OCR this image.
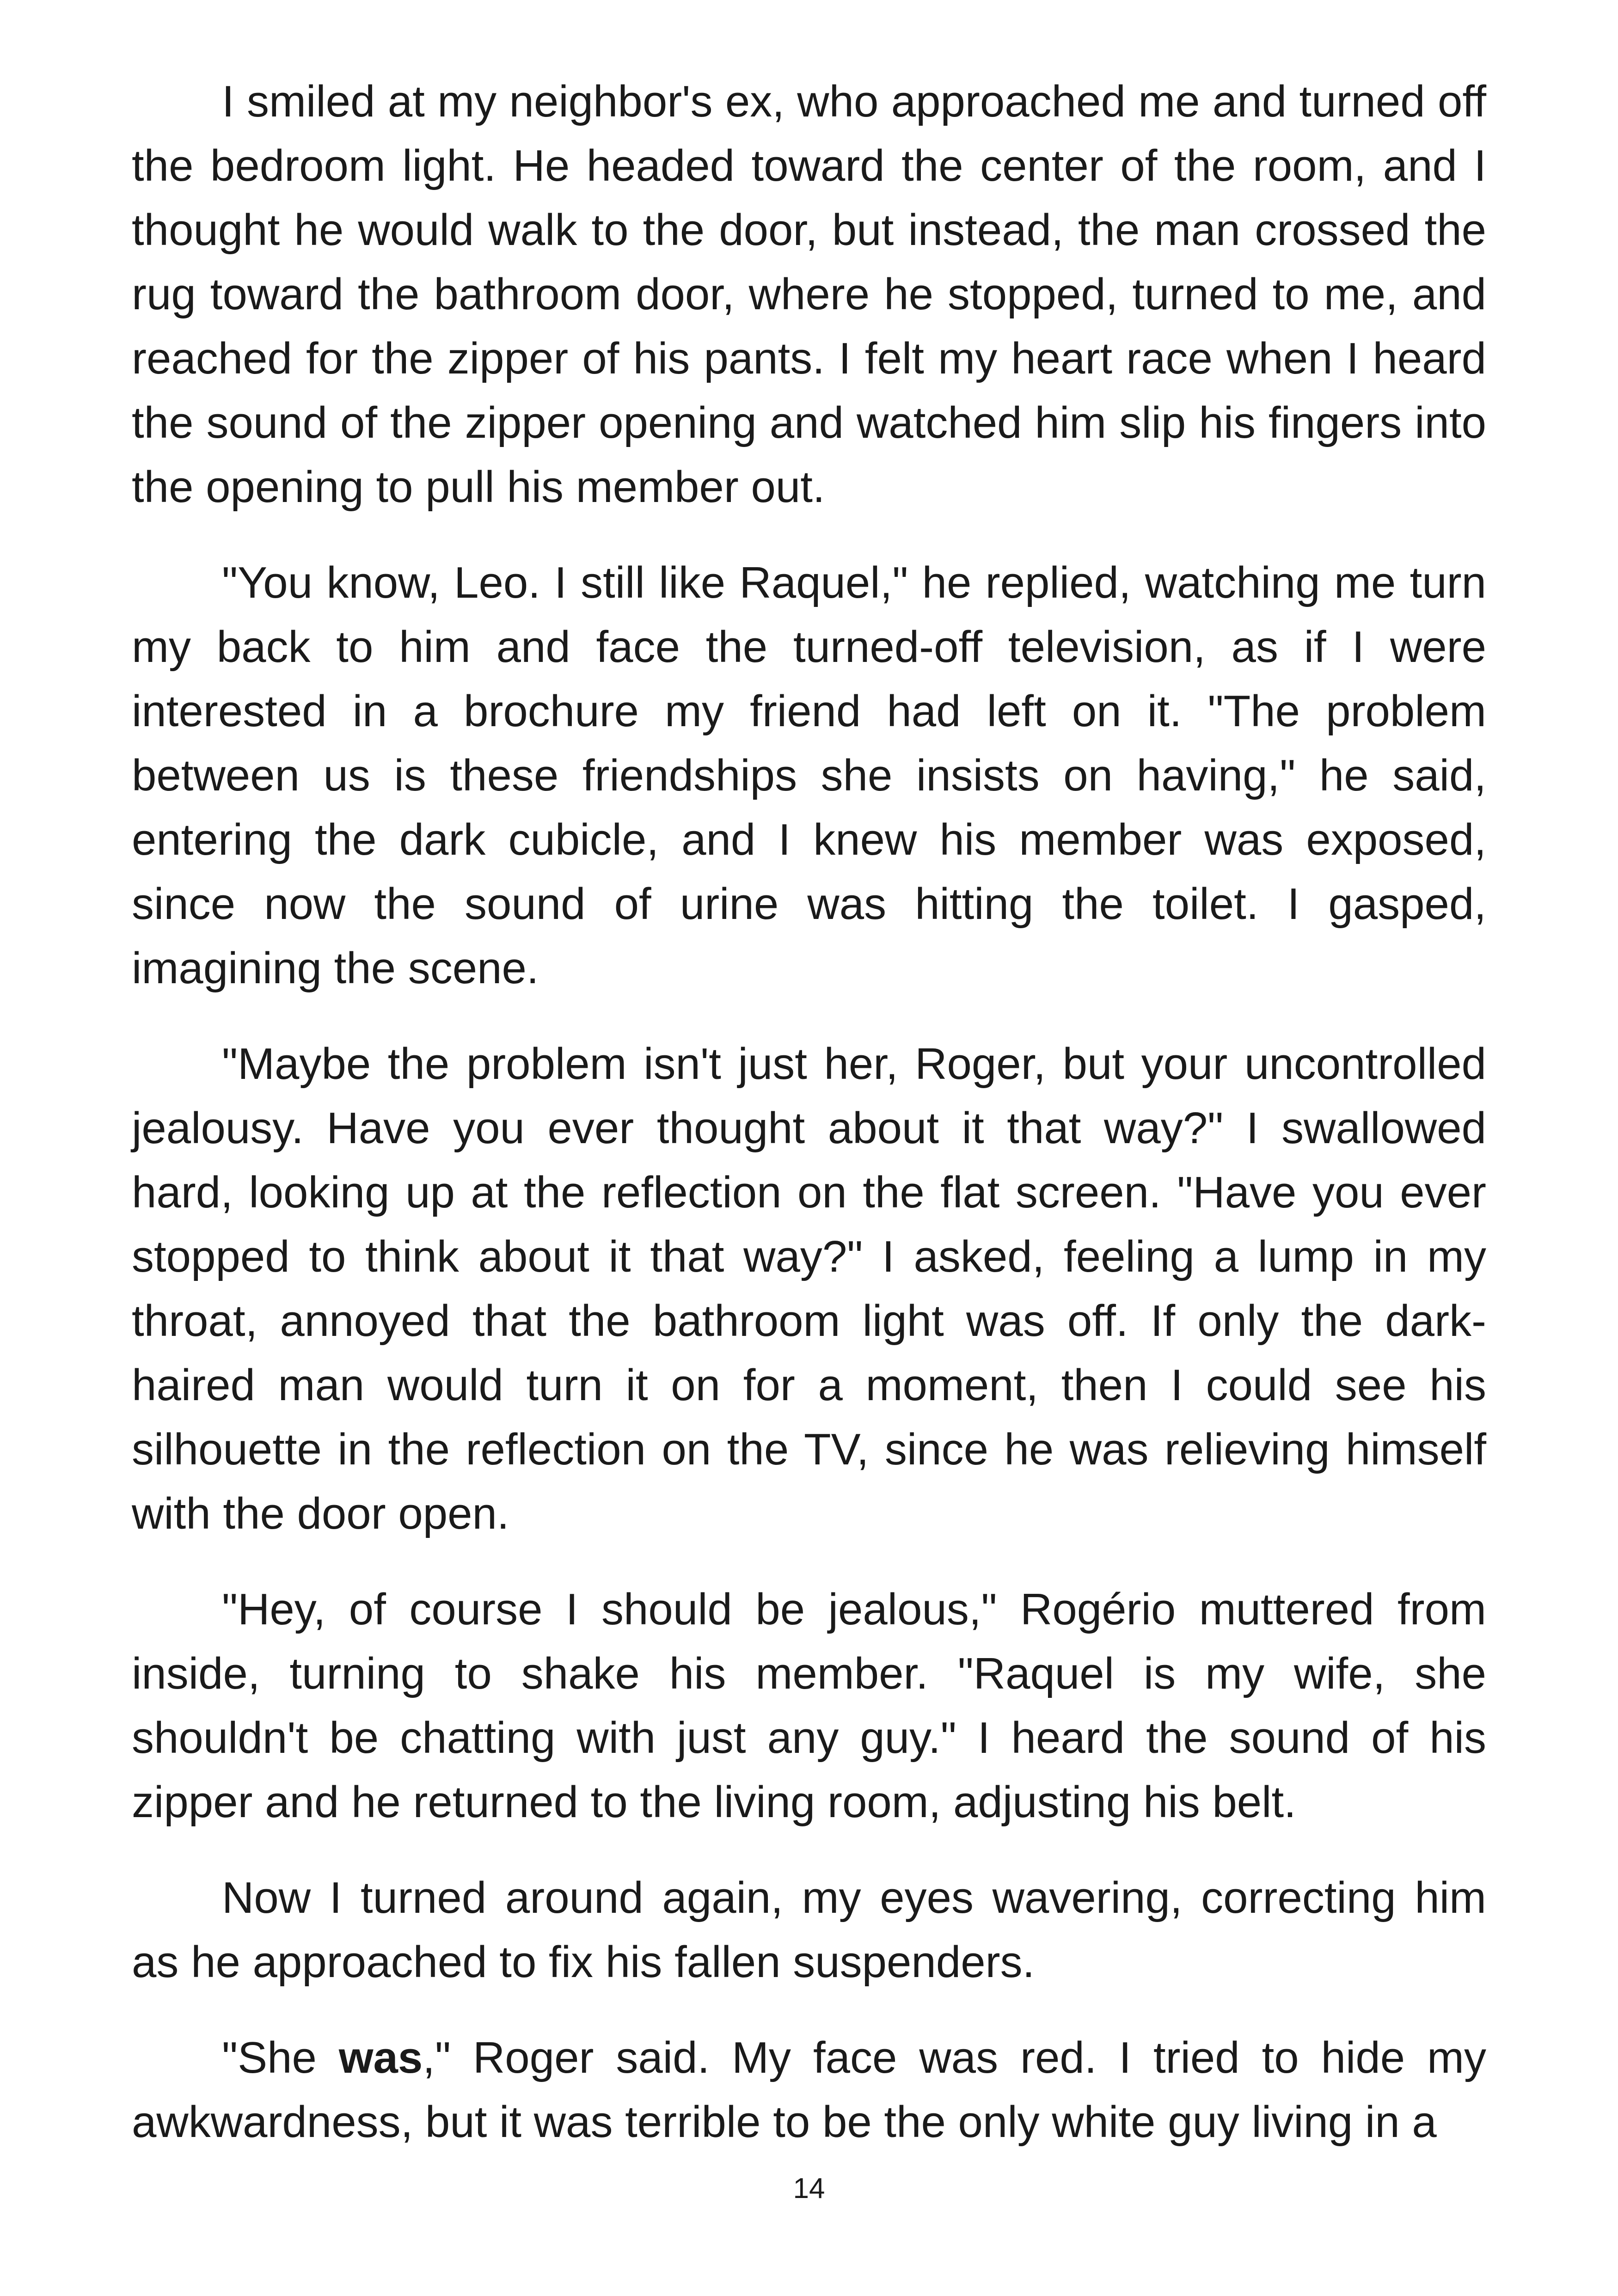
I smiled at my neighbor's ex, who approached me and turned off the bedroom light. He headed toward the center of the room, and I thought he would walk to the door, but instead, the man crossed the rug toward the bathroom door, where he stopped, turned to me, and reached for the zipper of his pants. I felt my heart race when I heard the sound of the zipper opening and watched him slip his fingers into the opening to pull his member out.

"You know, Leo. I still like Raquel," he replied, watching me turn my back to him and face the turned-off television, as if I were interested in a brochure my friend had left on it. "The problem between us is these friendships she insists on having," he said, entering the dark cubicle, and I knew his member was exposed, since now the sound of urine was hitting the toilet. I gasped, imagining the scene.

"Maybe the problem isn't just her, Roger, but your uncontrolled jealousy. Have you ever thought about it that way?" I swallowed hard, looking up at the reflection on the flat screen. "Have you ever stopped to think about it that way?" I asked, feeling a lump in my throat, annoyed that the bathroom light was off. If only the dark-haired man would turn it on for a moment, then I could see his silhouette in the reflection on the TV, since he was relieving himself with the door open.

"Hey, of course I should be jealous," Rogério muttered from inside, turning to shake his member. "Raquel is my wife, she shouldn't be chatting with just any guy." I heard the sound of his zipper and he returned to the living room, adjusting his belt.

Now I turned around again, my eyes wavering, correcting him as he approached to fix his fallen suspenders.

"She was," Roger said. My face was red. I tried to hide my awkwardness, but it was terrible to be the only white guy living in a

14
